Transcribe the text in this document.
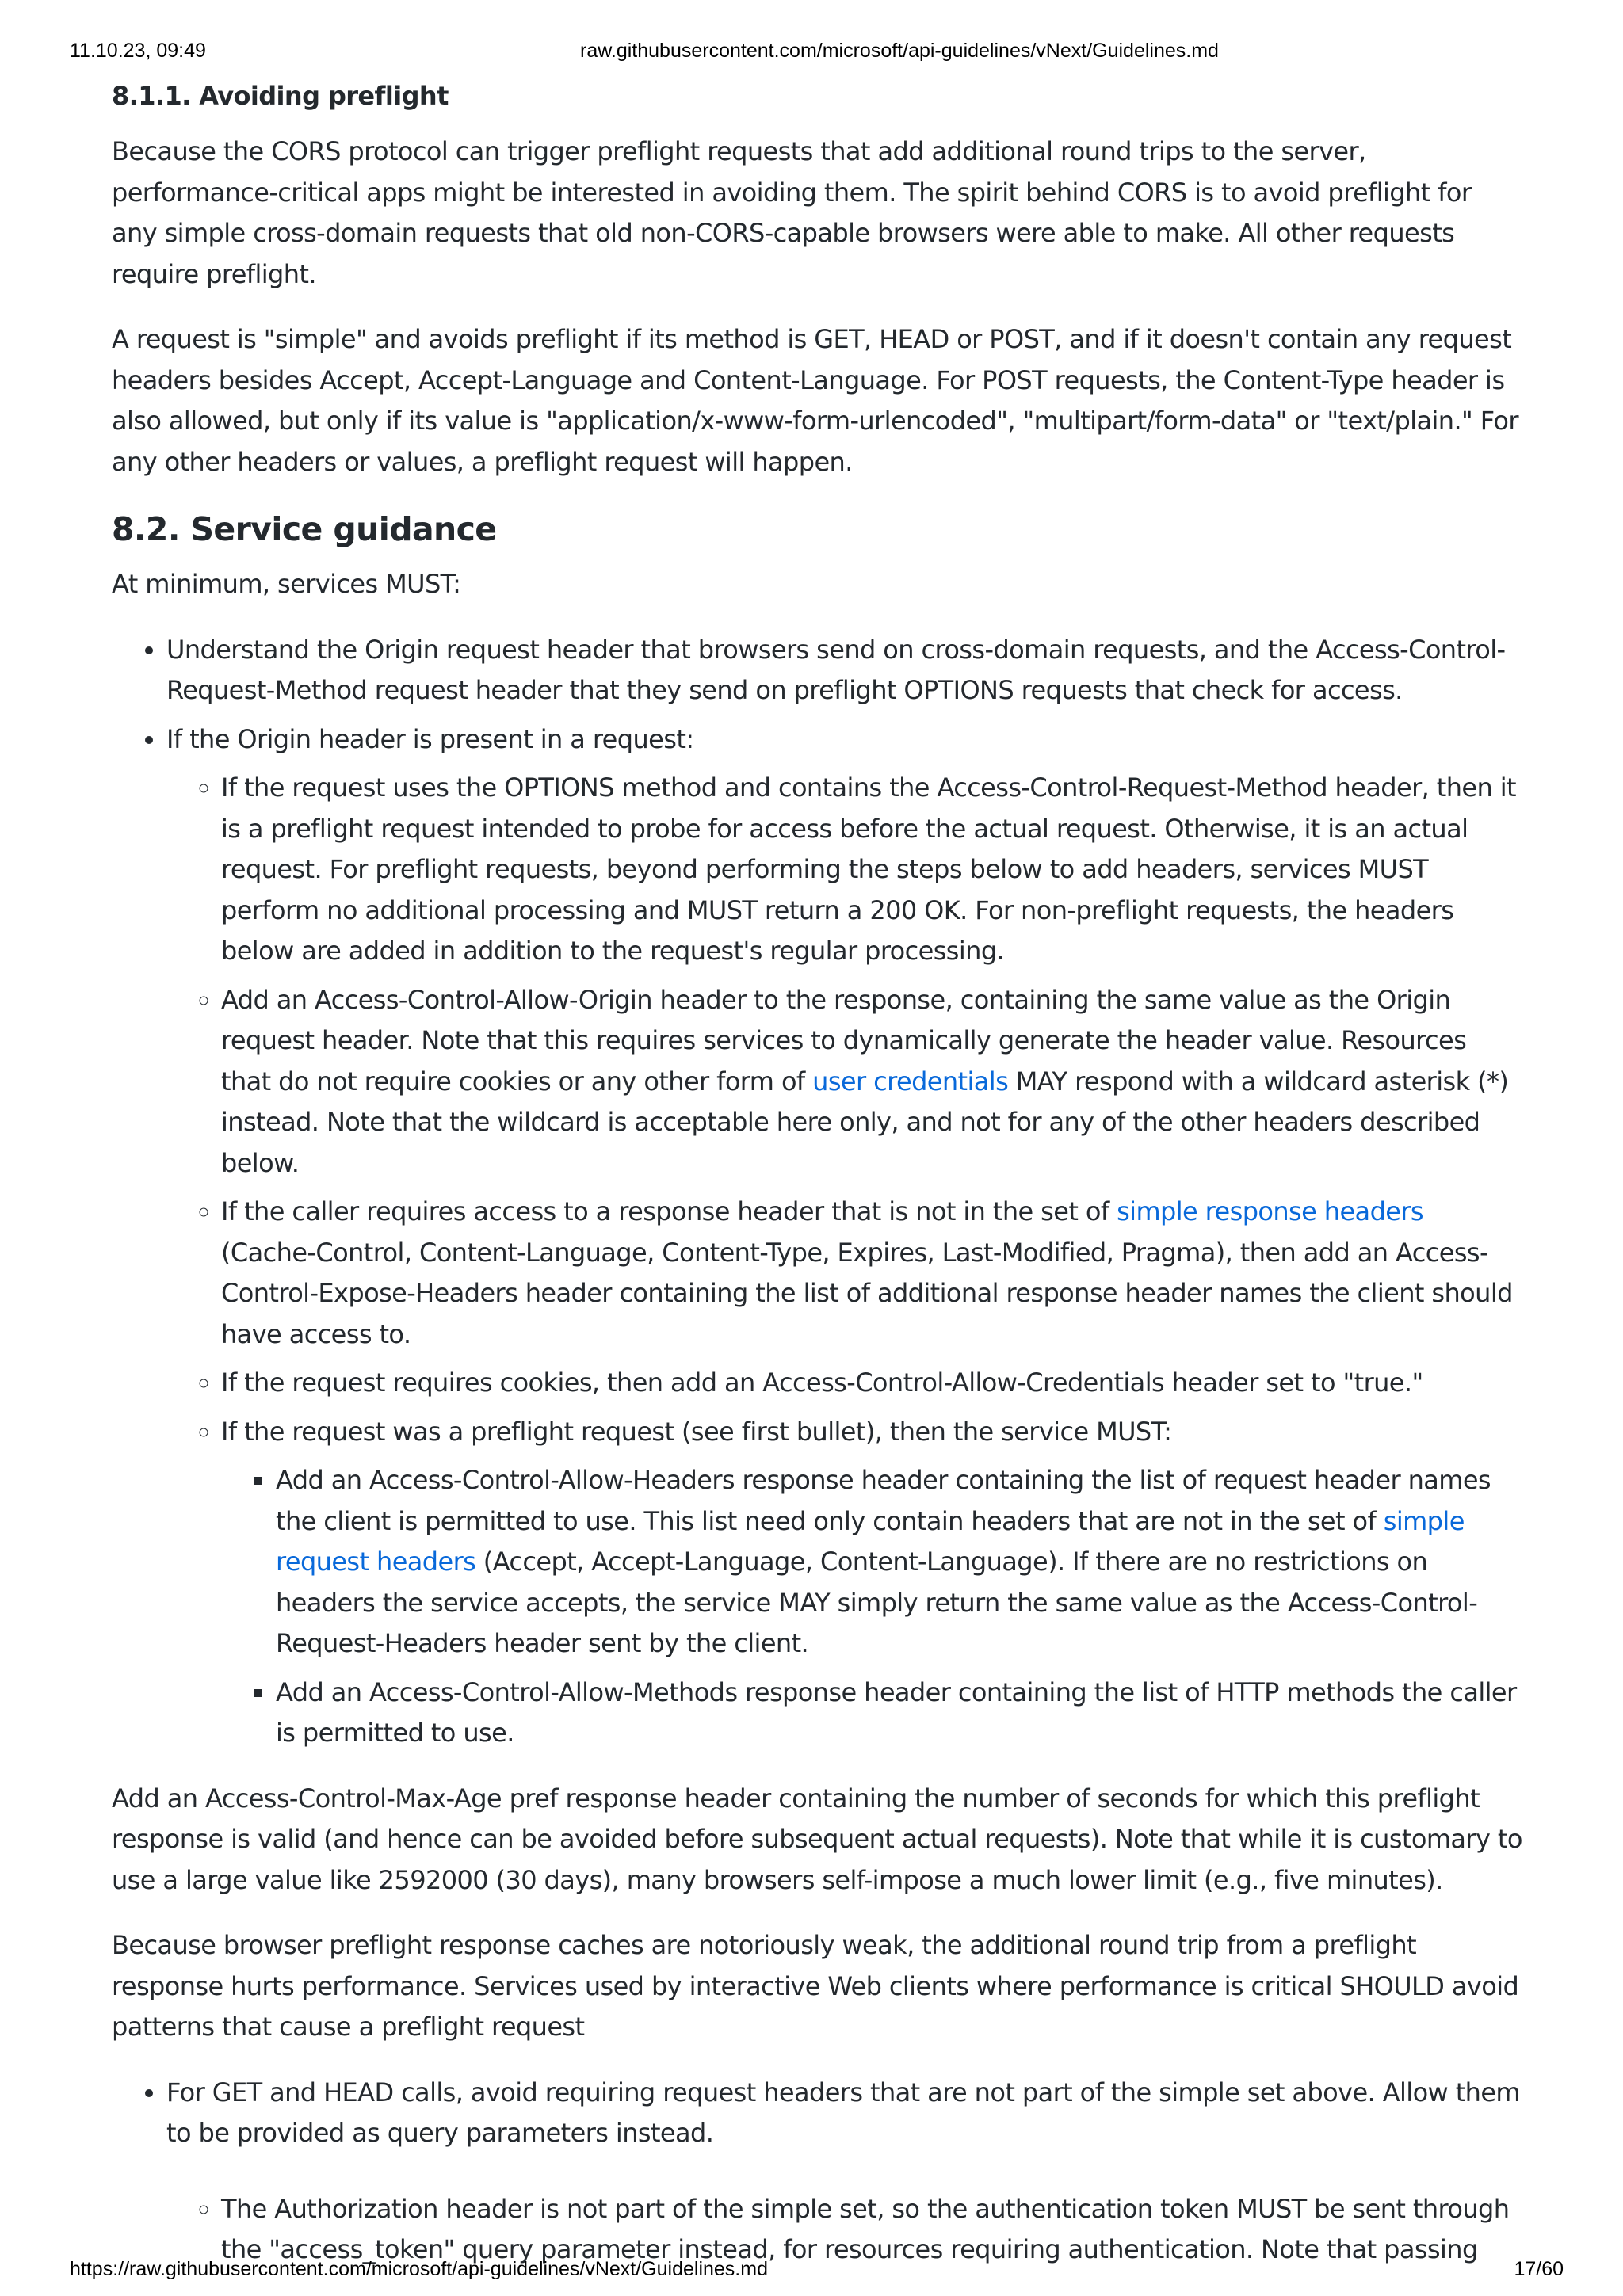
11.10.23, 09:49	raw.githubusercontent.com/microsoft/api-guidelines/vNext/Guidelines.md
8.1.1. Avoiding preflight

Because the CORS protocol can trigger preflight requests that add additional round trips to the server, performance-critical apps might be interested in avoiding them. The spirit behind CORS is to avoid preflight for any simple cross-domain requests that old non-CORS-capable browsers were able to make. All other requests require preflight.

A request is "simple" and avoids preflight if its method is GET, HEAD or POST, and if it doesn't contain any request headers besides Accept, Accept-Language and Content-Language. For POST requests, the Content-Type header is also allowed, but only if its value is "application/x-www-form-urlencoded", "multipart/form-data" or "text/plain." For any other headers or values, a preflight request will happen.

8.2. Service guidance

At minimum, services MUST:

• Understand the Origin request header that browsers send on cross-domain requests, and the Access-Control-Request-Method request header that they send on preflight OPTIONS requests that check for access.
• If the Origin header is present in a request:
◦ If the request uses the OPTIONS method and contains the Access-Control-Request-Method header, then it is a preflight request intended to probe for access before the actual request. Otherwise, it is an actual request. For preflight requests, beyond performing the steps below to add headers, services MUST perform no additional processing and MUST return a 200 OK. For non-preflight requests, the headers below are added in addition to the request's regular processing.
◦ Add an Access-Control-Allow-Origin header to the response, containing the same value as the Origin request header. Note that this requires services to dynamically generate the header value. Resources that do not require cookies or any other form of user credentials MAY respond with a wildcard asterisk (*) instead. Note that the wildcard is acceptable here only, and not for any of the other headers described below.
◦ If the caller requires access to a response header that is not in the set of simple response headers (Cache-Control, Content-Language, Content-Type, Expires, Last-Modified, Pragma), then add an Access-Control-Expose-Headers header containing the list of additional response header names the client should have access to.
◦ If the request requires cookies, then add an Access-Control-Allow-Credentials header set to "true."
◦ If the request was a preflight request (see first bullet), then the service MUST:
▪ Add an Access-Control-Allow-Headers response header containing the list of request header names the client is permitted to use. This list need only contain headers that are not in the set of simple request headers (Accept, Accept-Language, Content-Language). If there are no restrictions on headers the service accepts, the service MAY simply return the same value as the Access-Control-Request-Headers header sent by the client.
▪ Add an Access-Control-Allow-Methods response header containing the list of HTTP methods the caller is permitted to use.

Add an Access-Control-Max-Age pref response header containing the number of seconds for which this preflight response is valid (and hence can be avoided before subsequent actual requests). Note that while it is customary to use a large value like 2592000 (30 days), many browsers self-impose a much lower limit (e.g., five minutes).

Because browser preflight response caches are notoriously weak, the additional round trip from a preflight response hurts performance. Services used by interactive Web clients where performance is critical SHOULD avoid patterns that cause a preflight request

• For GET and HEAD calls, avoid requiring request headers that are not part of the simple set above. Allow them to be provided as query parameters instead.
◦ The Authorization header is not part of the simple set, so the authentication token MUST be sent through the "access_token" query parameter instead, for resources requiring authentication. Note that passing
https://raw.githubusercontent.com/microsoft/api-guidelines/vNext/Guidelines.md	17/60
